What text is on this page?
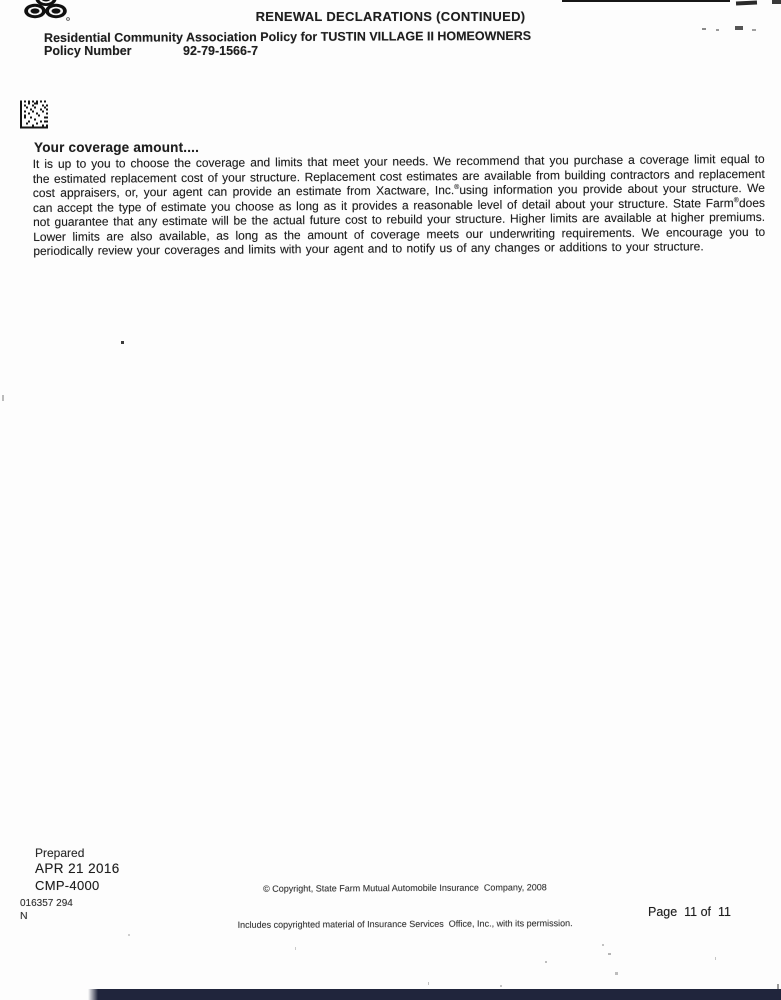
RENEWAL DECLARATIONS (CONTINUED)
Residential Community Association Policy for TUSTIN VILLAGE II HOMEOWNERS
Policy Number	92-79-1566-7
Your coverage amount....
It is up to you to choose the coverage and limits that meet your needs. We recommend that you purchase a coverage limit equal to the estimated replacement cost of your structure. Replacement cost estimates are available from building contractors and replacement cost appraisers, or, your agent can provide an estimate from Xactware, Inc.®using information you provide about your structure. We can accept the type of estimate you choose as long as it provides a reasonable level of detail about your structure. State Farm®does not guarantee that any estimate will be the actual future cost to rebuild your structure. Higher limits are available at higher premiums. Lower limits are also available, as long as the amount of coverage meets our underwriting requirements. We encourage you to periodically review your coverages and limits with your agent and to notify us of any changes or additions to your structure.
Prepared
APR 21 2016
CMP-4000
016357 294
N

© Copyright, State Farm Mutual Automobile Insurance  Company, 2008

Includes copyrighted material of Insurance Services  Office, Inc., with its permission.

Page  11 of  11
